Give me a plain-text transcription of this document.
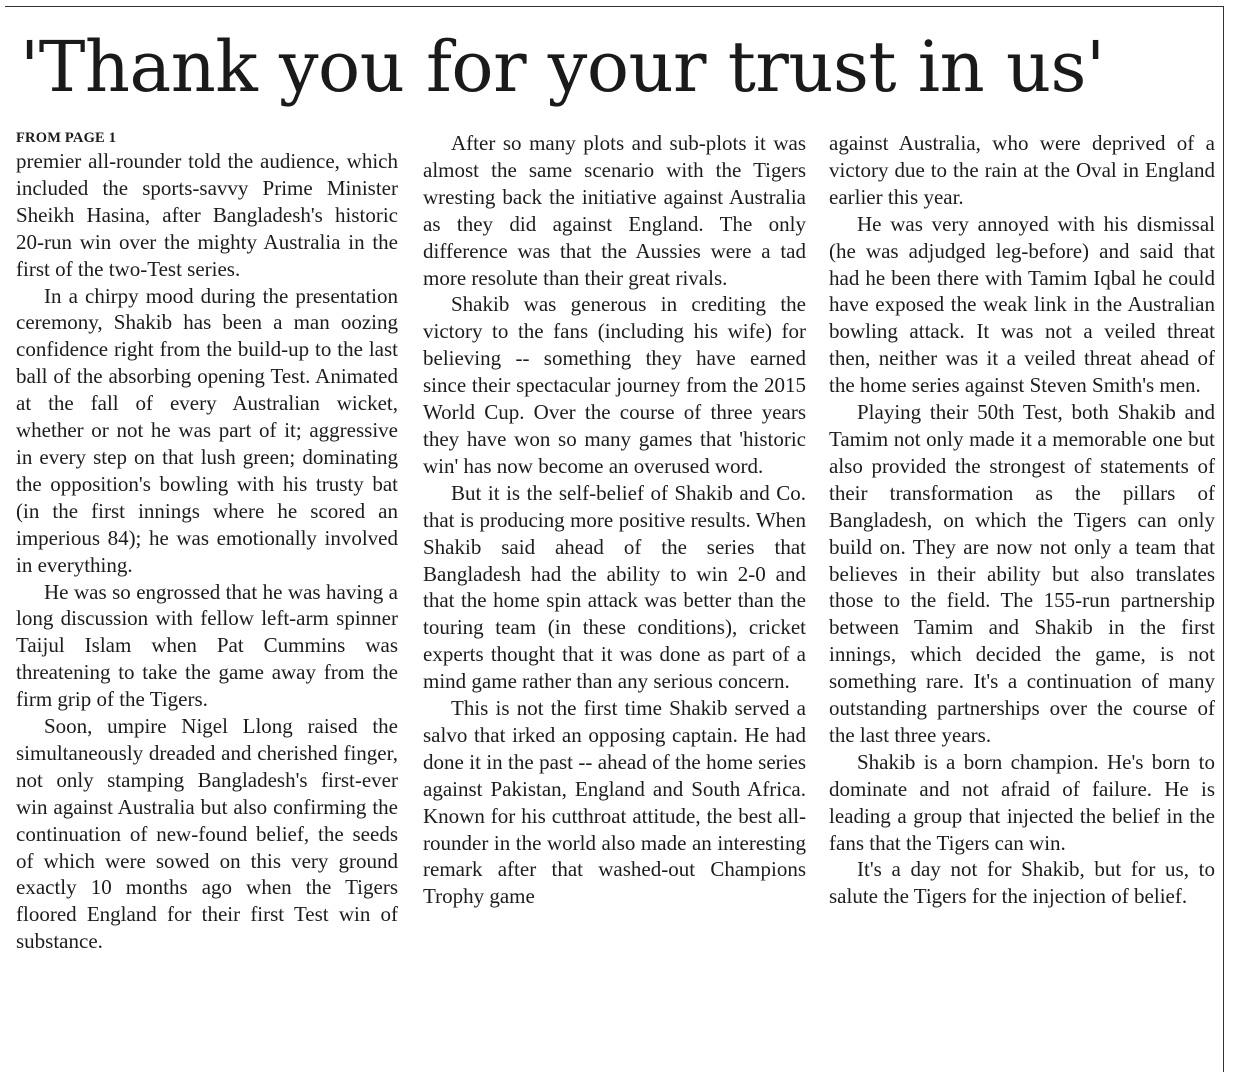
'Thank you for your trust in us'
FROM PAGE 1

premier all-rounder told the audience, which included the sports-savvy Prime Minister Sheikh Hasina, after Bangladesh's historic 20-run win over the mighty Australia in the first of the two-Test series.

In a chirpy mood during the presentation ceremony, Shakib has been a man oozing confidence right from the build-up to the last ball of the absorbing opening Test. Animated at the fall of every Australian wicket, whether or not he was part of it; aggressive in every step on that lush green; dominating the opposition's bowling with his trusty bat (in the first innings where he scored an imperious 84); he was emotionally involved in everything.

He was so engrossed that he was having a long discussion with fellow left-arm spinner Taijul Islam when Pat Cummins was threatening to take the game away from the firm grip of the Tigers.

Soon, umpire Nigel Llong raised the simultaneously dreaded and cherished finger, not only stamping Bangladesh's first-ever win against Australia but also confirming the continuation of new-found belief, the seeds of which were sowed on this very ground exactly 10 months ago when the Tigers floored England for their first Test win of substance.

After so many plots and sub-plots it was almost the same scenario with the Tigers wresting back the initiative against Australia as they did against England. The only difference was that the Aussies were a tad more resolute than their great rivals.

Shakib was generous in crediting the victory to the fans (including his wife) for believing -- something they have earned since their spectacular journey from the 2015 World Cup. Over the course of three years they have won so many games that 'historic win' has now become an overused word.

But it is the self-belief of Shakib and Co. that is producing more positive results. When Shakib said ahead of the series that Bangladesh had the ability to win 2-0 and that the home spin attack was better than the touring team (in these conditions), cricket experts thought that it was done as part of a mind game rather than any serious concern.

This is not the first time Shakib served a salvo that irked an opposing captain. He had done it in the past -- ahead of the home series against Pakistan, England and South Africa. Known for his cutthroat attitude, the best all-rounder in the world also made an interesting remark after that washed-out Champions Trophy game

against Australia, who were deprived of a victory due to the rain at the Oval in England earlier this year.

He was very annoyed with his dismissal (he was adjudged leg-before) and said that had he been there with Tamim Iqbal he could have exposed the weak link in the Australian bowling attack. It was not a veiled threat then, neither was it a veiled threat ahead of the home series against Steven Smith's men.

Playing their 50th Test, both Shakib and Tamim not only made it a memorable one but also provided the strongest of statements of their transformation as the pillars of Bangladesh, on which the Tigers can only build on. They are now not only a team that believes in their ability but also translates those to the field. The 155-run partnership between Tamim and Shakib in the first innings, which decided the game, is not something rare. It's a continuation of many outstanding partnerships over the course of the last three years.

Shakib is a born champion. He's born to dominate and not afraid of failure. He is leading a group that injected the belief in the fans that the Tigers can win.

It's a day not for Shakib, but for us, to salute the Tigers for the injection of belief.
